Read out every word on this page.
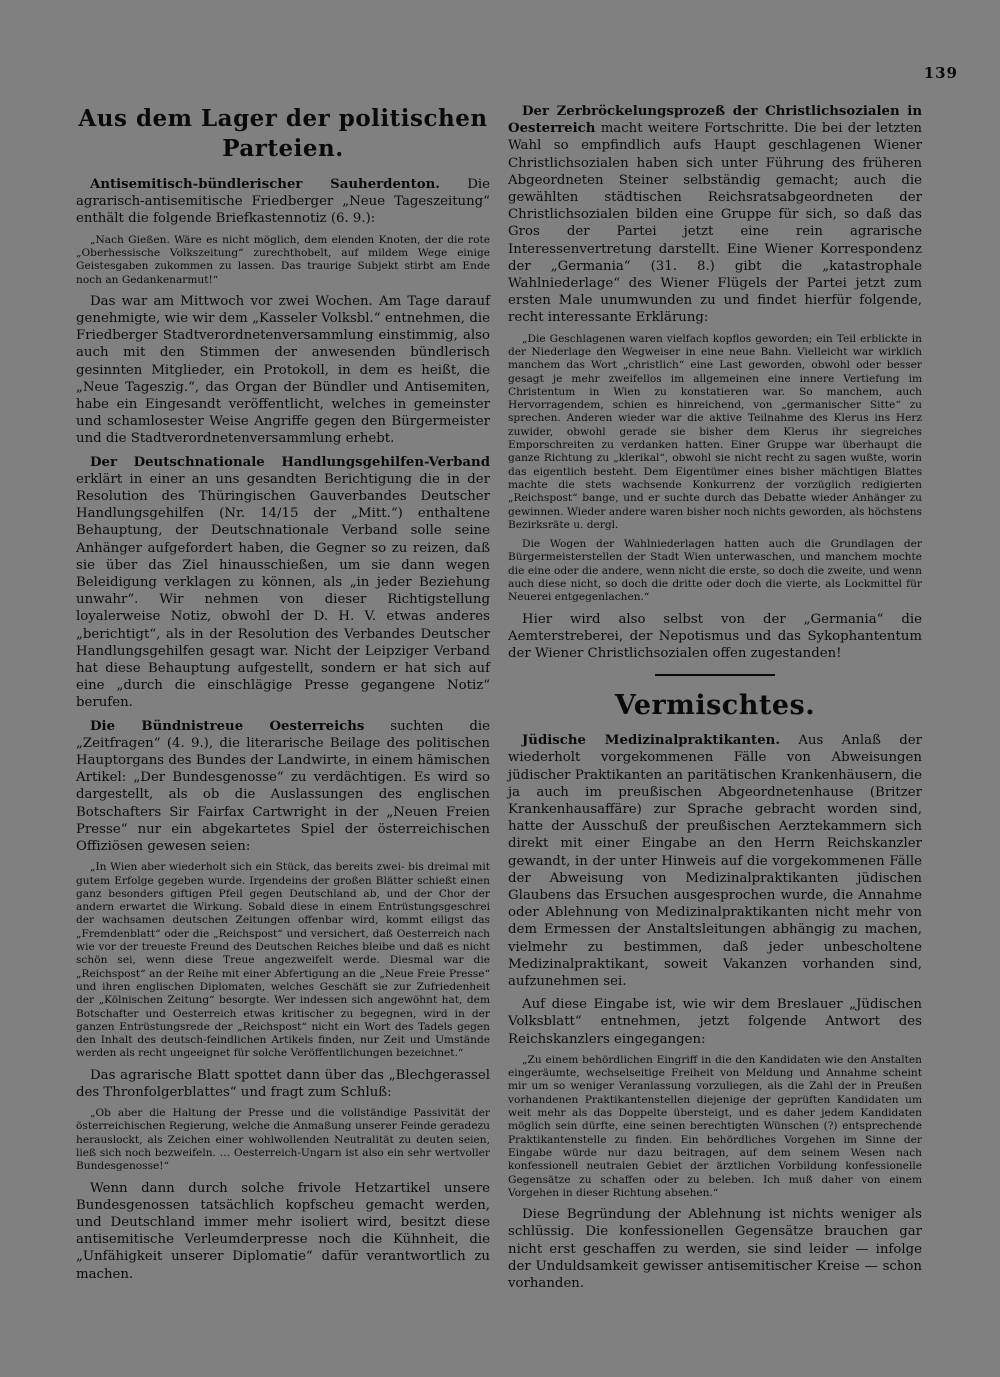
139
Aus dem Lager der politischen Parteien.

Antisemitisch-bündlerischer Sauherdenton. Die agrarisch-antisemitische Friedberger „Neue Tageszeitung“ enthält die folgende Briefkastennotiz (6. 9.):

„Nach Gießen. Wäre es nicht möglich, dem elenden Knoten, der die rote „Oberhessische Volkszeitung“ zurechthobelt, auf mildem Wege einige Geistesgaben zukommen zu lassen. Das traurige Subjekt stirbt am Ende noch an Gedankenarmut!“

Das war am Mittwoch vor zwei Wochen. Am Tage darauf genehmigte, wie wir dem „Kasseler Volksbl.“ entnehmen, die Friedberger Stadtverordnetenversammlung einstimmig, also auch mit den Stimmen der anwesenden bündlerisch gesinnten Mitglieder, ein Protokoll, in dem es heißt, die „Neue Tageszig.“, das Organ der Bündler und Antisemiten, habe ein Eingesandt veröffentlicht, welches in gemeinster und schamlosester Weise Angriffe gegen den Bürgermeister und die Stadtverordnetenversammlung erhebt.

Der Deutschnationale Handlungsgehilfen-Verband erklärt in einer an uns gesandten Berichtigung die in der Resolution des Thüringischen Gauverbandes Deutscher Handlungsgehilfen (Nr. 14/15 der „Mitt.“) enthaltene Behauptung, der Deutschnationale Verband solle seine Anhänger aufgefordert haben, die Gegner so zu reizen, daß sie über das Ziel hinausschießen, um sie dann wegen Beleidigung verklagen zu können, als „in jeder Beziehung unwahr“. Wir nehmen von dieser Richtigstellung loyalerweise Notiz, obwohl der D. H. V. etwas anderes „berichtigt“, als in der Resolution des Verbandes Deutscher Handlungsgehilfen gesagt war. Nicht der Leipziger Verband hat diese Behauptung aufgestellt, sondern er hat sich auf eine „durch die einschlägige Presse gegangene Notiz“ berufen.

Die Bündnistreue Oesterreichs suchten die „Zeitfragen“ (4. 9.), die literarische Beilage des politischen Hauptorgans des Bundes der Landwirte, in einem hämischen Artikel: „Der Bundesgenosse“ zu verdächtigen. Es wird so dargestellt, als ob die Auslassungen des englischen Botschafters Sir Fairfax Cartwright in der „Neuen Freien Presse“ nur ein abgekartetes Spiel der österreichischen Offiziösen gewesen seien:

„In Wien aber wiederholt sich ein Stück, das bereits zwei- bis dreimal mit gutem Erfolge gegeben wurde. Irgendeins der großen Blätter schießt einen ganz besonders giftigen Pfeil gegen Deutschland ab, und der Chor der andern erwartet die Wirkung. Sobald diese in einem Entrüstungsgeschrei der wachsamen deutschen Zeitungen offenbar wird, kommt eiligst das „Fremdenblatt“ oder die „Reichspost“ und versichert, daß Oesterreich nach wie vor der treueste Freund des Deutschen Reiches bleibe und daß es nicht schön sei, wenn diese Treue angezweifelt werde. Diesmal war die „Reichspost“ an der Reihe mit einer Abfertigung an die „Neue Freie Presse“ und ihren englischen Diplomaten, welches Geschäft sie zur Zufriedenheit der „Kölnischen Zeitung“ besorgte. Wer indessen sich angewöhnt hat, dem Botschafter und Oesterreich etwas kritischer zu begegnen, wird in der ganzen Entrüstungsrede der „Reichspost“ nicht ein Wort des Tadels gegen den Inhalt des deutsch-feindlichen Artikels finden, nur Zeit und Umstände werden als recht ungeeignet für solche Veröffentlichungen bezeichnet.“

Das agrarische Blatt spottet dann über das „Blechgerassel des Thronfolgerblattes“ und fragt zum Schluß:

„Ob aber die Haltung der Presse und die vollständige Passivität der österreichischen Regierung, welche die Anmaßung unserer Feinde geradezu herauslockt, als Zeichen einer wohlwollenden Neutralität zu deuten seien, ließ sich noch bezweifeln. … Oesterreich-Ungarn ist also ein sehr wertvoller Bundesgenosse!“

Wenn dann durch solche frivole Hetzartikel unsere Bundesgenossen tatsächlich kopfscheu gemacht werden, und Deutschland immer mehr isoliert wird, besitzt diese antisemitische Verleumderpresse noch die Kühnheit, die „Unfähigkeit unserer Diplomatie“ dafür verantwortlich zu machen.

Der Zerbröckelungsprozeß der Christlichsozialen in Oesterreich macht weitere Fortschritte. Die bei der letzten Wahl so empfindlich aufs Haupt geschlagenen Wiener Christlichsozialen haben sich unter Führung des früheren Abgeordneten Steiner selbständig gemacht; auch die gewählten städtischen Reichsratsabgeordneten der Christlichsozialen bilden eine Gruppe für sich, so daß das Gros der Partei jetzt eine rein agrarische Interessenvertretung darstellt. Eine Wiener Korrespondenz der „Germania“ (31. 8.) gibt die „katastrophale Wahlniederlage“ des Wiener Flügels der Partei jetzt zum ersten Male unumwunden zu und findet hierfür folgende, recht interessante Erklärung:

„Die Geschlagenen waren vielfach kopflos geworden; ein Teil erblickte in der Niederlage den Wegweiser in eine neue Bahn. Vielleicht war wirklich manchem das Wort „christlich“ eine Last geworden, obwohl oder besser gesagt je mehr zweifellos im allgemeinen eine innere Vertiefung im Christentum in Wien zu konstatieren war. So manchem, auch Hervorragendem, schien es hinreichend, von „germanischer Sitte“ zu sprechen. Anderen wieder war die aktive Teilnahme des Klerus ins Herz zuwider, obwohl gerade sie bisher dem Klerus ihr siegreiches Emporschreiten zu verdanken hatten. Einer Gruppe war überhaupt die ganze Richtung zu „klerikal“, obwohl sie nicht recht zu sagen wußte, worin das eigentlich besteht. Dem Eigentümer eines bisher mächtigen Blattes machte die stets wachsende Konkurrenz der vorzüglich redigierten „Reichspost“ bange, und er suchte durch das Debatte wieder Anhänger zu gewinnen. Wieder andere waren bisher noch nichts geworden, als höchstens Bezirksräte u. dergl.

Die Wogen der Wahlniederlagen hatten auch die Grundlagen der Bürgermeisterstellen der Stadt Wien unterwaschen, und manchem mochte die eine oder die andere, wenn nicht die erste, so doch die zweite, und wenn auch diese nicht, so doch die dritte oder doch die vierte, als Lockmittel für Neuerei entgegenlachen.“

Hier wird also selbst von der „Germania“ die Aemterstreberei, der Nepotismus und das Sykophantentum der Wiener Christlichsozialen offen zugestanden!

Vermischtes.

Jüdische Medizinalpraktikanten. Aus Anlaß der wiederholt vorgekommenen Fälle von Abweisungen jüdischer Praktikanten an paritätischen Krankenhäusern, die ja auch im preußischen Abgeordnetenhause (Britzer Krankenhausaffäre) zur Sprache gebracht worden sind, hatte der Ausschuß der preußischen Aerztekammern sich direkt mit einer Eingabe an den Herrn Reichskanzler gewandt, in der unter Hinweis auf die vorgekommenen Fälle der Abweisung von Medizinalpraktikanten jüdischen Glaubens das Ersuchen ausgesprochen wurde, die Annahme oder Ablehnung von Medizinalpraktikanten nicht mehr von dem Ermessen der Anstaltsleitungen abhängig zu machen, vielmehr zu bestimmen, daß jeder unbescholtene Medizinalpraktikant, soweit Vakanzen vorhanden sind, aufzunehmen sei.

Auf diese Eingabe ist, wie wir dem Breslauer „Jüdischen Volksblatt“ entnehmen, jetzt folgende Antwort des Reichskanzlers eingegangen:

„Zu einem behördlichen Eingriff in die den Kandidaten wie den Anstalten eingeräumte, wechselseitige Freiheit von Meldung und Annahme scheint mir um so weniger Veranlassung vorzuliegen, als die Zahl der in Preußen vorhandenen Praktikantenstellen diejenige der geprüften Kandidaten um weit mehr als das Doppelte übersteigt, und es daher jedem Kandidaten möglich sein dürfte, eine seinen berechtigten Wünschen (?) entsprechende Praktikantenstelle zu finden. Ein behördliches Vorgehen im Sinne der Eingabe würde nur dazu beitragen, auf dem seinem Wesen nach konfessionell neutralen Gebiet der ärztlichen Vorbildung konfessionelle Gegensätze zu schaffen oder zu beleben. Ich muß daher von einem Vorgehen in dieser Richtung absehen.“

Diese Begründung der Ablehnung ist nichts weniger als schlüssig. Die konfessionellen Gegensätze brauchen gar nicht erst geschaffen zu werden, sie sind leider — infolge der Unduldsamkeit gewisser antisemitischer Kreise — schon vorhanden.
